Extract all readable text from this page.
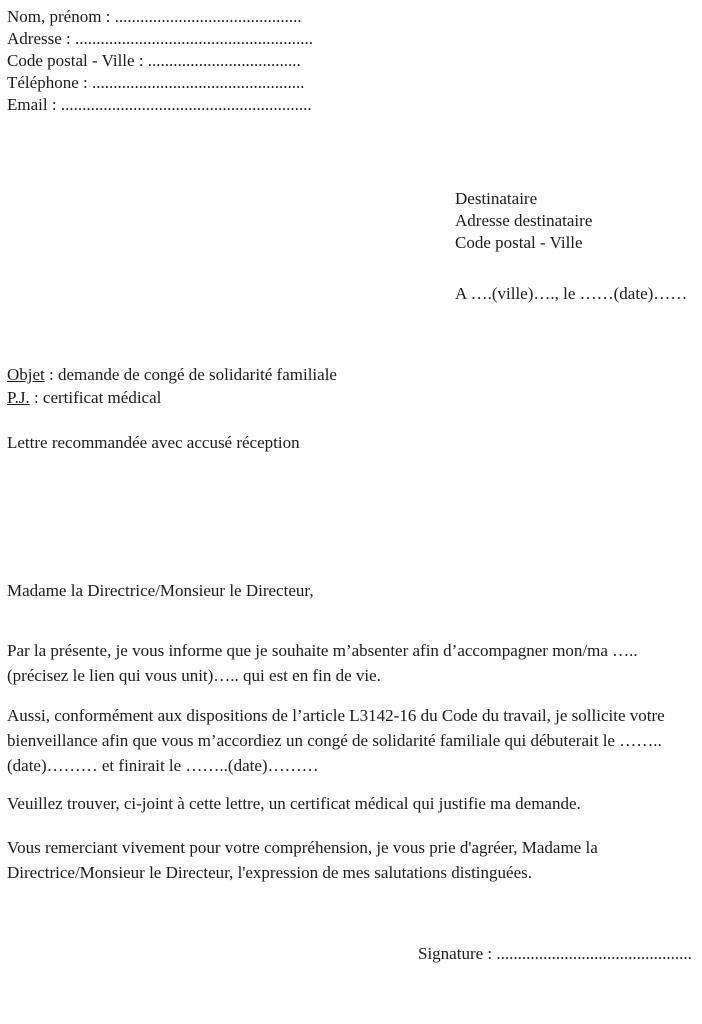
Nom, prénom : ............................................
Adresse : ........................................................
Code postal - Ville : ....................................
Téléphone : ..................................................
Email : ...........................................................
Destinataire
Adresse destinataire
Code postal - Ville
A ….(ville)…., le ……(date)……
Objet : demande de congé de solidarité familiale
P.J. : certificat médical
Lettre recommandée avec accusé réception
Madame la Directrice/Monsieur le Directeur,

Par la présente, je vous informe que je souhaite m’absenter afin d’accompagner mon/ma …..(précisez le lien qui vous unit)….. qui est en fin de vie.

Aussi, conformément aux dispositions de l’article L3142-16 du Code du travail, je sollicite votre bienveillance afin que vous m’accordiez un congé de solidarité familiale qui débuterait le ……..(date)……… et finirait le ……..(date)………

Veuillez trouver, ci-joint à cette lettre, un certificat médical qui justifie ma demande.

Vous remerciant vivement pour votre compréhension, je vous prie d'agréer, Madame la Directrice/Monsieur le Directeur, l'expression de mes salutations distinguées.

Signature : ..............................................
